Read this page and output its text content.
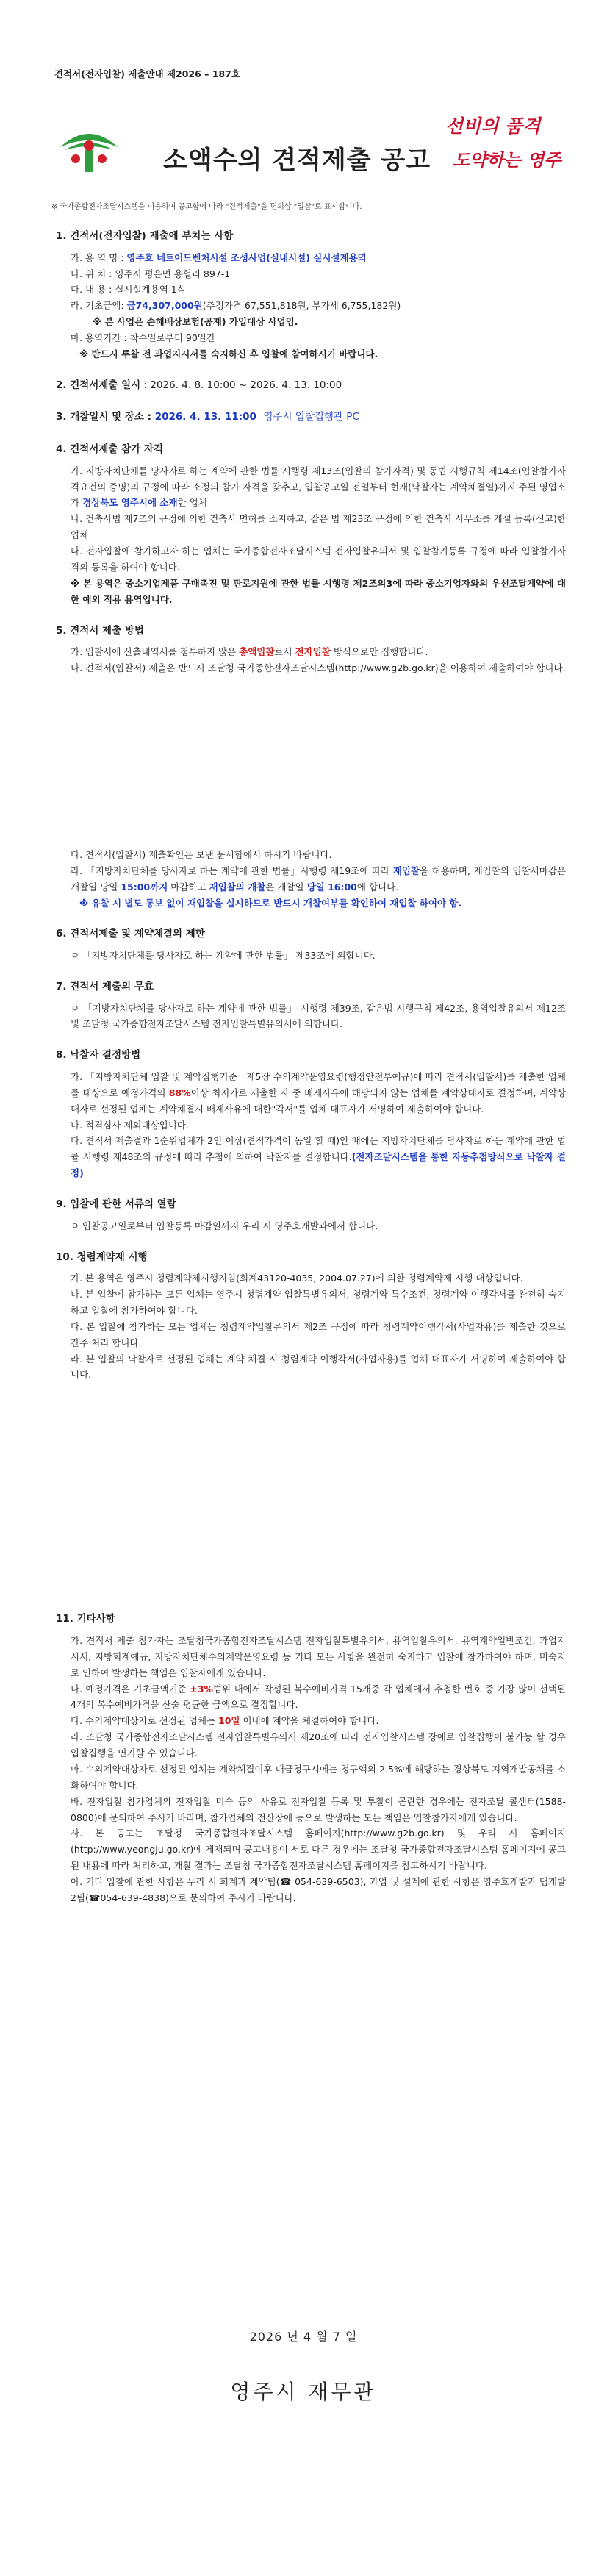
견적서(전자입찰) 제출안내 제2026 – 187호
소액수의 견적제출 공고
선비의 품격
도약하는 영주
※ 국가종합전자조달시스템을 이용하여 공고함에 따라 "견적제출"을 편의상 "입찰"로 표시합니다.
1. 견적서(전자입찰) 제출에 부치는 사항
가. 용 역 명 :
영주호 네트어드벤처시설 조성사업(실내시설) 실시설계용역
나. 위 치 :
영주시 평은면 용혈리 897-1
다. 내 용 :
실시설계용역 1식
라. 기초금액:
금74,307,000원(추정가격 67,551,818원, 부가세 6,755,182원)
※ 본 사업은 손해배상보험(공제) 가입대상 사업임.
마. 용역기간 : 착수일로부터 90일간
※ 반드시 투찰 전 과업지시서를 숙지하신 후 입찰에 참여하시기 바랍니다.
2. 견적서제출 일시 : 2026. 4. 8. 10:00 ~ 2026. 4. 13. 10:00
3. 개찰일시 및 장소 : 2026. 4. 13. 11:00 영주시 입찰집행관 PC
4. 견적서제출 참가 자격
가. 지방자치단체를 당사자로 하는 계약에 관한 법률 시행령 제13조(입찰의 참가자격) 및 동법 시행규칙 제14조(입찰참가자격요건의 증명)의 규정에 따라 소정의 참가 자격을 갖추고, 입찰공고일 전일부터 현재(낙찰자는 계약체결일)까지 주된 영업소가 경상북도 영주시에 소재한 업체
나. 건축사법 제7조의 규정에 의한 건축사 면허를 소지하고, 같은 법 제23조 규정에 의한 건축사 사무소를 개설 등록(신고)한 업체
다. 전자입찰에 참가하고자 하는 업체는 국가종합전자조달시스템 전자입찰유의서 및 입찰참가등록 규정에 따라 입찰참가자격의 등록을 하여야 합니다.
※ 본 용역은 중소기업제품 구매촉진 및 판로지원에 관한 법률 시행령 제2조의3에 따라 중소기업자와의 우선조달계약에 대한 예외 적용 용역입니다.
5. 견적서 제출 방법
가. 입찰서에 산출내역서를 첨부하지 않은 총액입찰로서 전자입찰 방식으로만 집행합니다.
나. 견적서(입찰서) 제출은 반드시 조달청 국가종합전자조달시스템(http://www.g2b.go.kr)을 이용하여 제출하여야 합니다.
다. 견적서(입찰서) 제출확인은 보낸 문서함에서 하시기 바랍니다.
라. 「지방자치단체를 당사자로 하는 계약에 관한 법률」시행령 제19조에 따라 재입찰을 허용하며, 재입찰의 입찰서마감은 개찰일 당일 15:00까지 마감하고 재입찰의 개찰은 개찰일 당일 16:00에 합니다.
※ 유찰 시 별도 통보 없이 재입찰을 실시하므로 반드시 개찰여부를 확인하여 재입찰 하여야 함.
6. 견적서제출 및 계약체결의 제한
ㅇ 「지방자치단체를 당사자로 하는 계약에 관한 법률」 제33조에 의합니다.
7. 견적서 제출의 무효
ㅇ 「지방자치단체를 당사자로 하는 계약에 관한 법률」 시행령 제39조, 같은법 시행규칙 제42조, 용역입찰유의서 제12조 및 조달청 국가종합전자조달시스템 전자입찰특별유의서에 의합니다.
8. 낙찰자 결정방법
가. 「지방자치단체 입찰 및 계약집행기준」제5장 수의계약운영요령(행정안전부예규)에 따라 견적서(입찰서)를 제출한 업체를 대상으로 예정가격의 88%이상 최저가로 제출한 자 중 배제사유에 해당되지 않는 업체를 계약상대자로 결정하며, 계약상대자로 선정된 업체는 계약체결시 배제사유에 대한"각서"를 업체 대표자가 서명하여 제출하여야 합니다.
나. 적격심사 제외대상입니다.
다. 견적서 제출결과 1순위업체가 2인 이상(견적가격이 동일 할 때)인 때에는 지방자치단체를 당사자로 하는 계약에 관한 법률 시행령 제48조의 규정에 따라 추첨에 의하여 낙찰자를 결정합니다.(전자조달시스템을 통한 자동추첨방식으로 낙찰자 결정)
9. 입찰에 관한 서류의 열람
ㅇ 입찰공고일로부터 입찰등록 마감일까지 우리 시 영주호개발과에서 합니다.
10. 청렴계약제 시행
가. 본 용역은 영주시 청렴계약제시행지침(회계43120-4035, 2004.07.27)에 의한 청렴계약제 시행 대상입니다.
나. 본 입찰에 참가하는 모든 업체는 영주시 청렴계약 입찰특별유의서, 청렴계약 특수조건, 청렴계약 이행각서를 완전히 숙지하고 입찰에 참가하여야 합니다.
다. 본 입찰에 참가하는 모든 업체는 청렴계약입찰유의서 제2조 규정에 따라 청렴계약이행각서(사업자용)를 제출한 것으로 간주 처리 합니다.
라. 본 입찰의 낙찰자로 선정된 업체는 계약 체결 시 청렴계약 이행각서(사업자용)를 업체 대표자가 서명하여 제출하여야 합니다.
11. 기타사항
가. 견적서 제출 참가자는 조달청국가종합전자조달시스템 전자입찰특별유의서, 용역입찰유의서, 용역계약일반조건, 과업지시서, 지방회계예규, 지방자치단체수의계약운영요령 등 기타 모든 사항을 완전히 숙지하고 입찰에 참가하여야 하며, 미숙지로 인하여 발생하는 책임은 입찰자에게 있습니다.
나. 예정가격은 기초금액기준 ±3%범위 내에서 작성된 복수예비가격 15개중 각 업체에서 추첨한 번호 중 가장 많이 선택된 4개의 복수예비가격을 산술 평균한 금액으로 결정합니다.
다. 수의계약대상자로 선정된 업체는 10일 이내에 계약을 체결하여야 합니다.
라. 조달청 국가종합전자조달시스템 전자입찰특별유의서 제20조에 따라 전자입찰시스템 장애로 입찰집행이 불가능 할 경우 입찰집행을 연기할 수 있습니다.
마. 수의계약대상자로 선정된 업체는 계약체결이후 대금청구시에는 청구액의 2.5%에 해당하는 경상북도 지역개발공채를 소화하여야 합니다.
바. 전자입찰 참가업체의 전자입찰 미숙 등의 사유로 전자입찰 등록 및 투찰이 곤란한 경우에는 전자조달 콜센터(1588-0800)에 문의하여 주시기 바라며, 참가업체의 전산장애 등으로 발생하는 모든 책임은 입찰참가자에게 있습니다.
사. 본 공고는 조달청 국가종합전자조달시스템 홈페이지(http://www.g2b.go.kr) 및 우리 시 홈페이지(http://www.yeongju.go.kr)에 게재되며 공고내용이 서로 다른 경우에는 조달청 국가종합전자조달시스템 홈페이지에 공고된 내용에 따라 처리하고, 개찰 결과는 조달청 국가종합전자조달시스템 홈페이지를 참고하시기 바랍니다.
아. 기타 입찰에 관한 사항은 우리 시 회계과 계약팀(☎ 054-639-6503), 과업 및 설계에 관한 사항은 영주호개발과 댐개발2팀(☎054-639-4838)으로 문의하여 주시기 바랍니다.
2026 년 4 월 7 일
영주시 재무관
